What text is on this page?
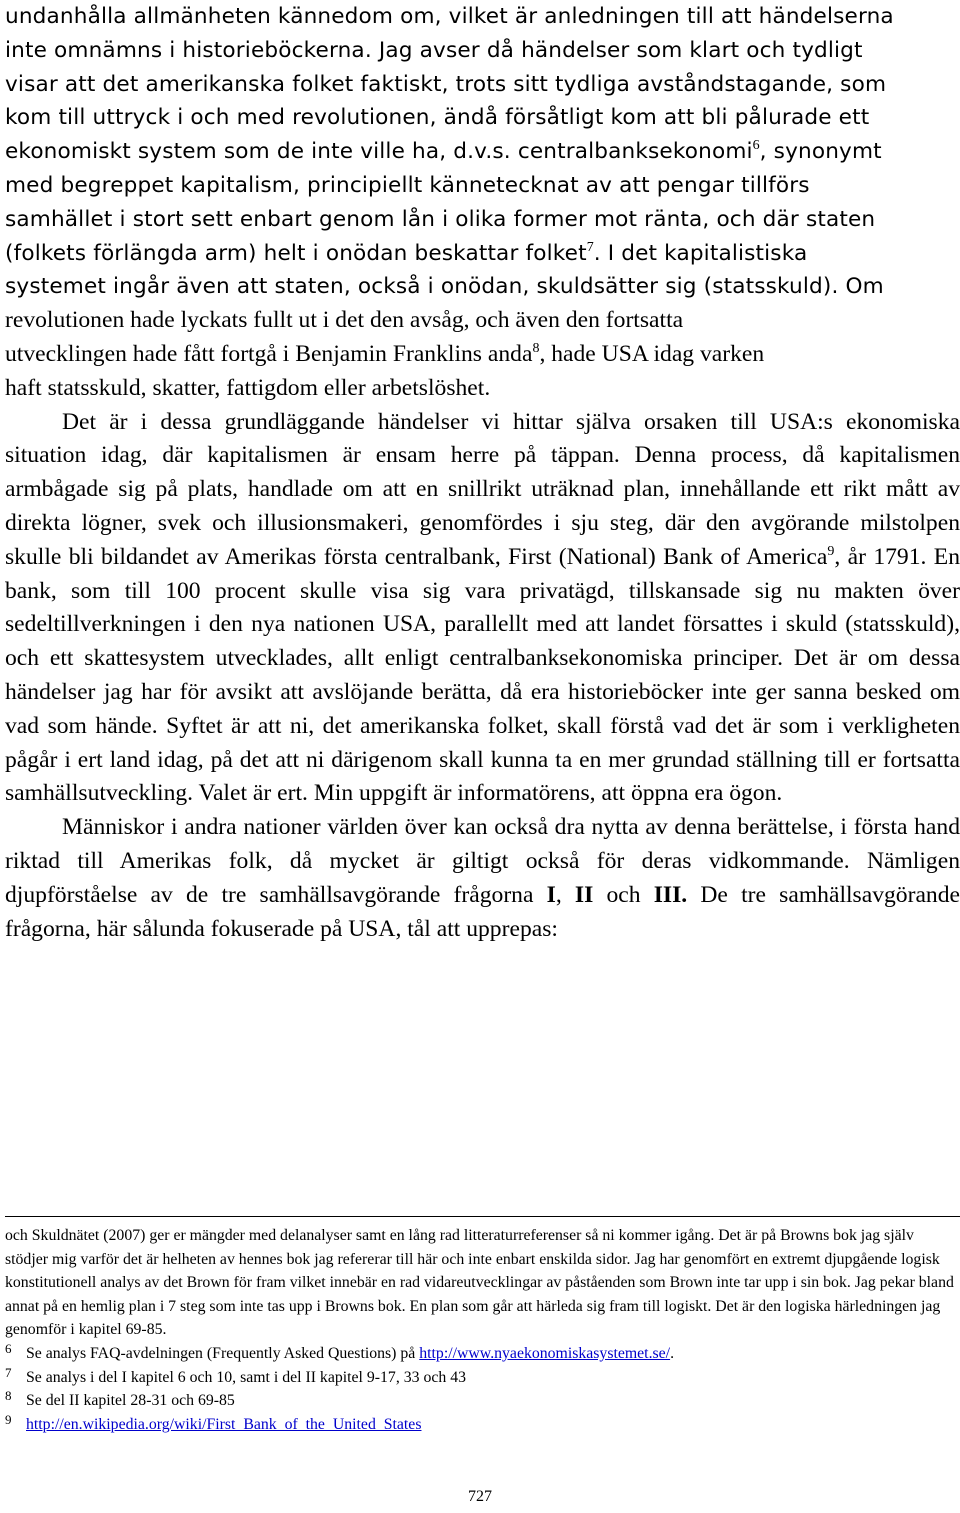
undanhålla allmänheten kännedom om, vilket är anledningen till att händelserna
inte omnämns i historieböckerna. Jag avser då händelser som klart och tydligt
visar att det amerikanska folket faktiskt, trots sitt tydliga avståndstagande, som
kom till uttryck i och med revolutionen, ändå försåtligt kom att bli pålurade ett
ekonomiskt system som de inte ville ha, d.v.s. centralbanksekonomi$^6$, synonymt
med begreppet kapitalism, principiellt kännetecknat av att pengar tillförs
samhället i stort sett enbart genom lån i olika former mot ränta, och där staten
(folkets förlängda arm) helt i onödan beskattar folket$^7$. I det kapitalistiska
systemet ingår även att staten, också i onödan, skuldsätter sig (statsskuld). Om
revolutionen hade lyckats fullt ut i det den avsåg, och även den fortsatta
utvecklingen hade fått fortgå i Benjamin Franklins anda$^8$, hade USA idag varken
haft statsskuld, skatter, fattigdom eller arbetslöshet.

Det är i dessa grundläggande händelser vi hittar själva orsaken till USA:s ekonomiska situation idag, där kapitalismen är ensam herre på täppan. Denna process, då kapitalismen armbågade sig på plats, handlade om att en snillrikt uträknad plan, innehållande ett rikt mått av direkta lögner, svek och illusionsmakeri, genomfördes i sju steg, där den avgörande milstolpen skulle bli bildandet av Amerikas första centralbank, First (National) Bank of America$^9$, år 1791. En bank, som till 100 procent skulle visa sig vara privatägd, tillskansade sig nu makten över sedeltillverkningen i den nya nationen USA, parallellt med att landet försattes i skuld (statsskuld), och ett skattesystem utvecklades, allt enligt centralbanksekonomiska principer. Det är om dessa händelser jag har för avsikt att avslöjande berätta, då era historieböcker inte ger sanna besked om vad som hände. Syftet är att ni, det amerikanska folket, skall förstå vad det är som i verkligheten pågår i ert land idag, på det att ni därigenom skall kunna ta en mer grundad ställning till er fortsatta samhällsutveckling. Valet är ert. Min uppgift är informatörens, att öppna era ögon.

Människor i andra nationer världen över kan också dra nytta av denna berättelse, i första hand riktad till Amerikas folk, då mycket är giltigt också för deras vidkommande. Nämligen djupförståelse av de tre samhällsavgörande frågorna I, II och III. De tre samhällsavgörande frågorna, här sålunda fokuserade på USA, tål att upprepas:

och Skuldnätet (2007) ger er mängder med delanalyser samt en lång rad litteraturreferenser så ni kommer igång. Det är på Browns bok jag själv stödjer mig varför det är helheten av hennes bok jag refererar till här och inte enbart enskilda sidor. Jag har genomfört en extremt djupgående logisk konstitutionell analys av det Brown för fram vilket innebär en rad vidareutvecklingar av påståenden som Brown inte tar upp i sin bok. Jag pekar bland annat på en hemlig plan i 7 steg som inte tas upp i Browns bok. En plan som går att härleda sig fram till logiskt. Det är den logiska härledningen jag genomför i kapitel 69-85.

6 Se analys FAQ-avdelningen (Frequently Asked Questions) på http://www.nyaekonomiskasystemet.se/.

7 Se analys i del I kapitel 6 och 10, samt i del II kapitel 9-17, 33 och 43

8 Se del II kapitel 28-31 och 69-85

9 http://en.wikipedia.org/wiki/First_Bank_of_the_United_States

727
